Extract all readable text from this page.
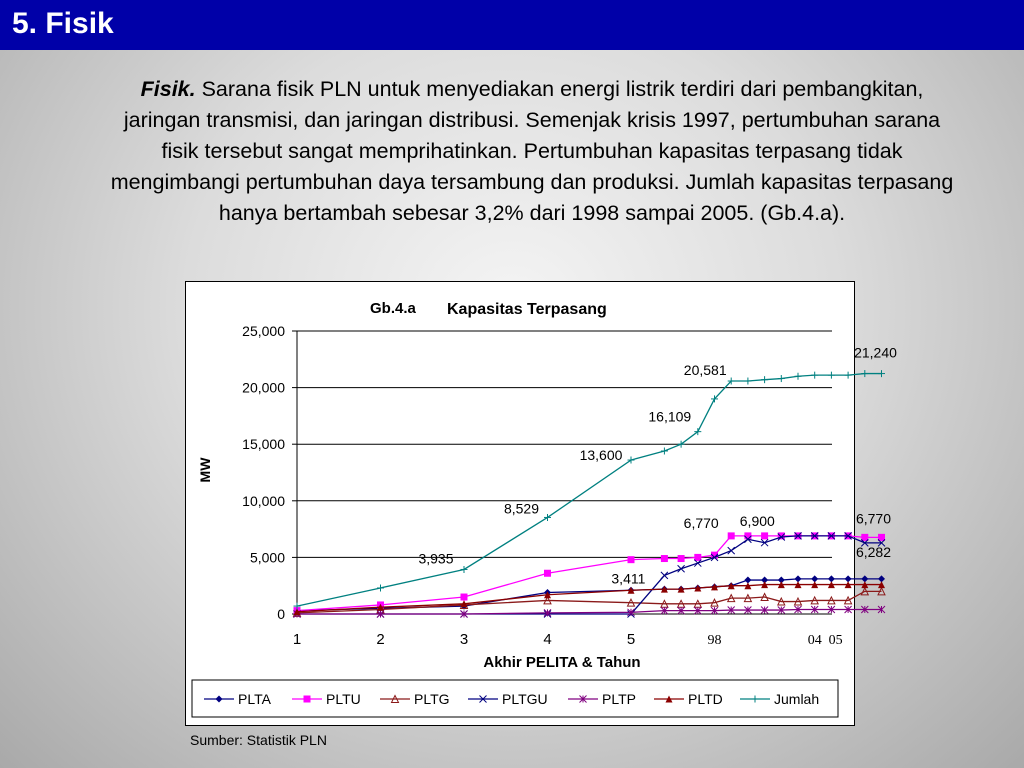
5. Fisik
Fisik. Sarana fisik PLN untuk menyediakan energi listrik terdiri dari pembangkitan, jaringan transmisi, dan jaringan distribusi. Semenjak krisis 1997, pertumbuhan sarana fisik tersebut sangat memprihatinkan. Pertumbuhan kapasitas terpasang tidak mengimbangi pertumbuhan daya tersambung dan produksi. Jumlah kapasitas terpasang hanya bertambah sebesar 3,2% dari 1998 sampai 2005. (Gb.4.a).
0
5,000
10,000
15,000
20,000
25,000
1	2	3	4	5	98	04 05
3,935
8,529
13,600
16,109
20,581
21,240
3,411
6,770 6,900	6,770
6,282
Gb.4.a Kapasitas Terpasang
MW
Akhir PELITA & Tahun
PLTA	PLTU	PLTG	PLTGU	PLTP	PLTD	Jumlah
Sumber: Statistik PLN
